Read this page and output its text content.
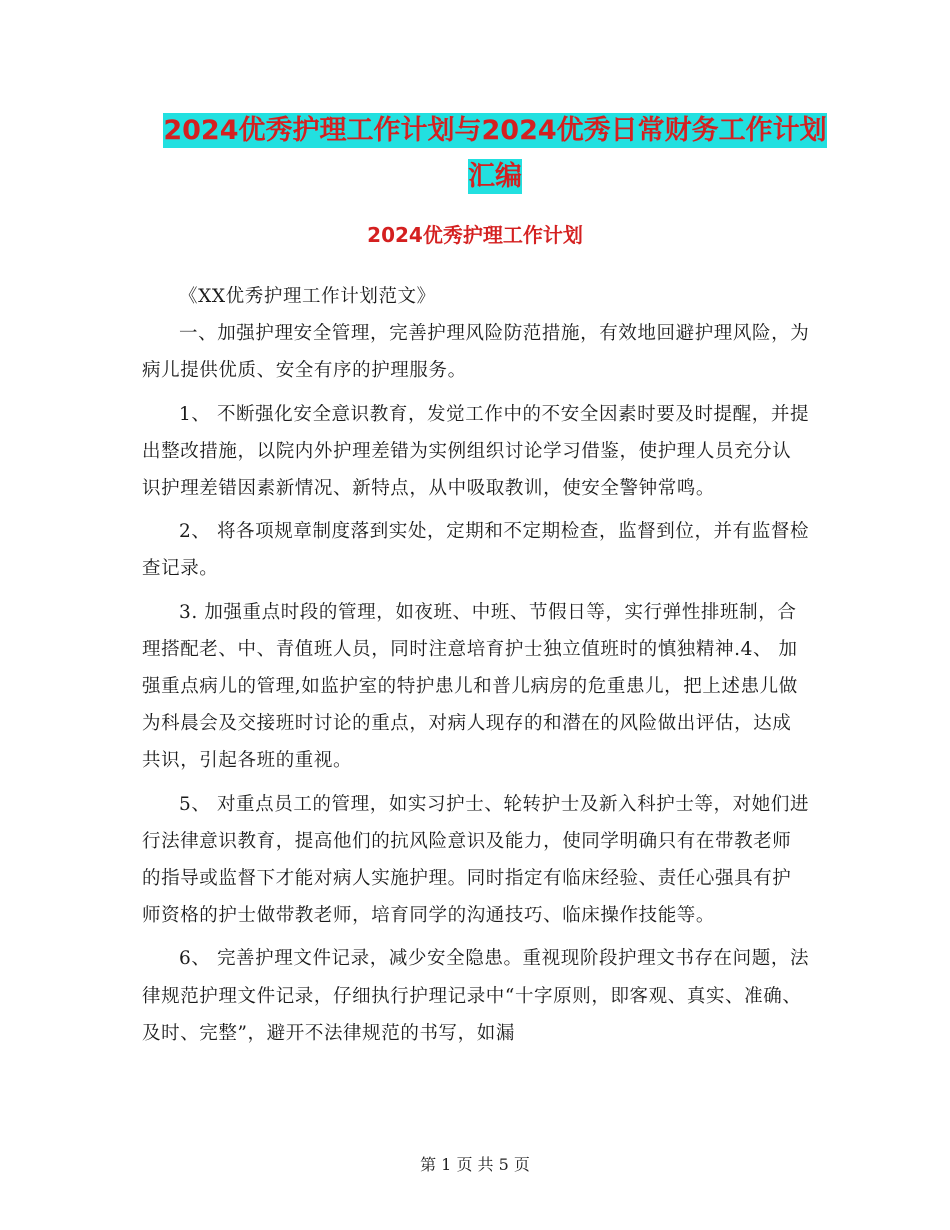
2024优秀护理工作计划与2024优秀日常财务工作计划
汇编
2024优秀护理工作计划

《XX优秀护理工作计划范文》

一、加强护理安全管理，完善护理风险防范措施，有效地回避护理风险，为病儿提供优质、安全有序的护理服务。

1、 不断强化安全意识教育，发觉工作中的不安全因素时要及时提醒，并提出整改措施，以院内外护理差错为实例组织讨论学习借鉴，使护理人员充分认识护理差错因素新情况、新特点，从中吸取教训，使安全警钟常鸣。

2、 将各项规章制度落到实处，定期和不定期检查，监督到位，并有监督检查记录。

3. 加强重点时段的管理，如夜班、中班、节假日等，实行弹性排班制，合理搭配老、中、青值班人员，同时注意培育护士独立值班时的慎独精神.4、 加强重点病儿的管理,如监护室的特护患儿和普儿病房的危重患儿，把上述患儿做为科晨会及交接班时讨论的重点，对病人现存的和潜在的风险做出评估，达成共识，引起各班的重视。

5、 对重点员工的管理，如实习护士、轮转护士及新入科护士等，对她们进行法律意识教育，提高他们的抗风险意识及能力，使同学明确只有在带教老师的指导或监督下才能对病人实施护理。同时指定有临床经验、责任心强具有护师资格的护士做带教老师，培育同学的沟通技巧、临床操作技能等。

6、 完善护理文件记录，减少安全隐患。重视现阶段护理文书存在问题，法律规范护理文件记录，仔细执行护理记录中“十字原则，即客观、真实、准确、及时、完整”，避开不法律规范的书写，如漏

第 1 页 共 5 页
